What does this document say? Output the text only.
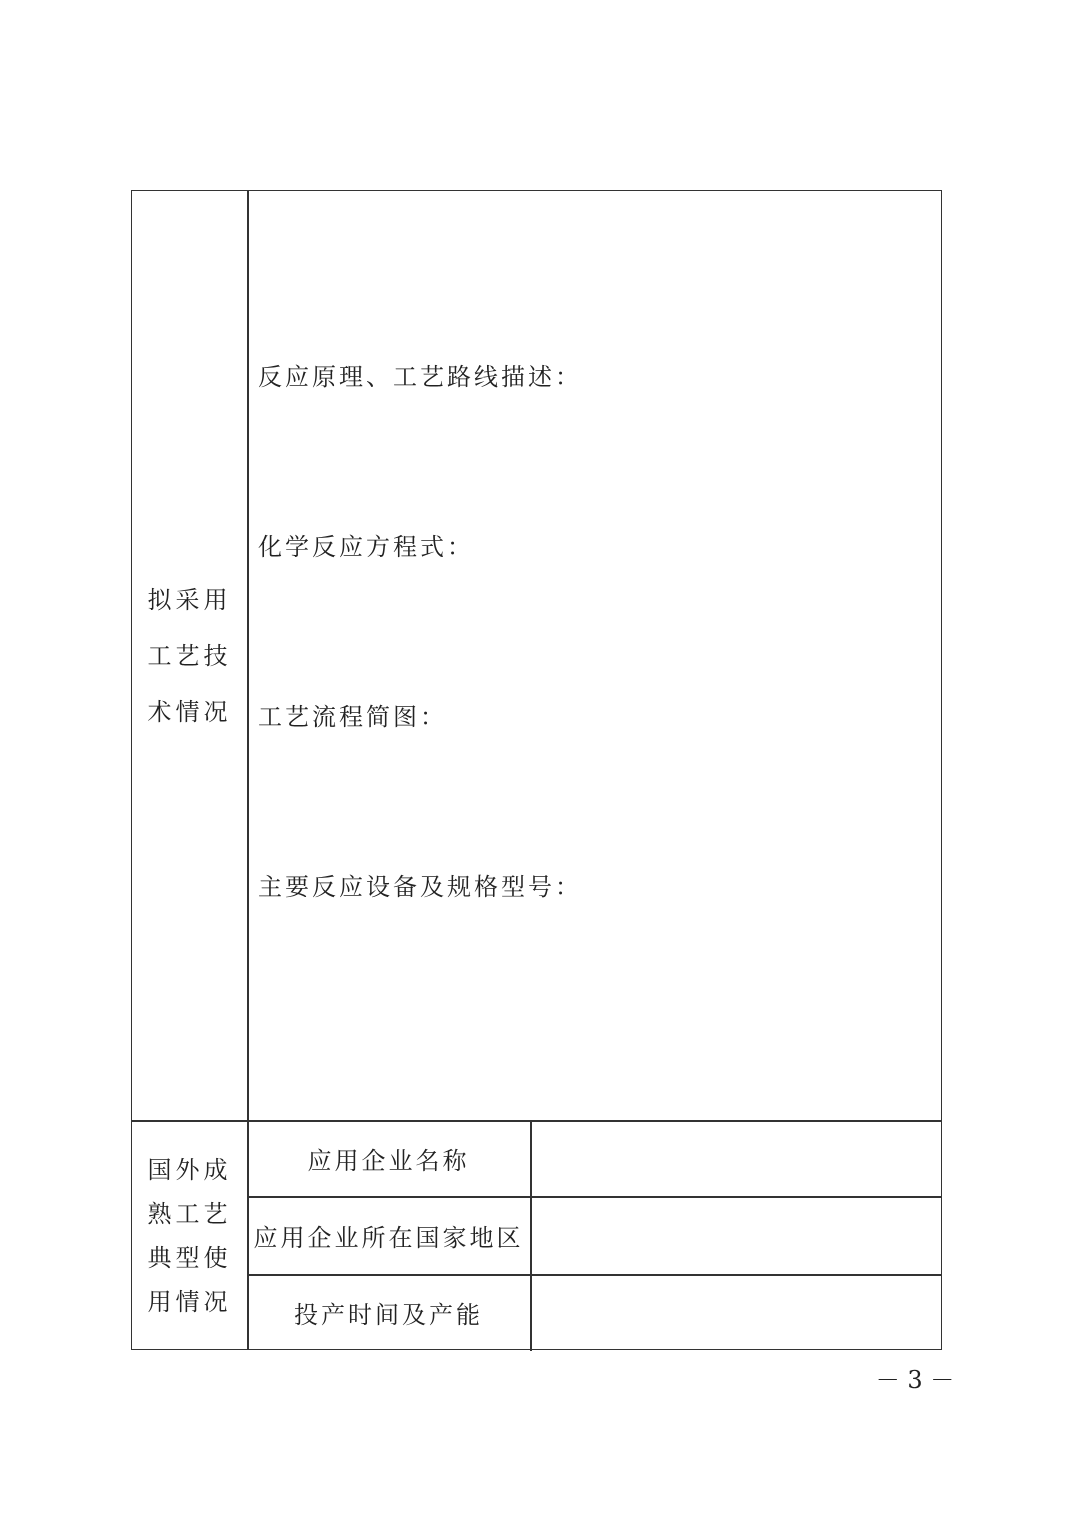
拟采用
工艺技
术情况
反应原理、工艺路线描述：
化学反应方程式：
工艺流程简图：
主要反应设备及规格型号：
国外成
熟工艺
典型使
用情况
应用企业名称
应用企业所在国家地区
投产时间及产能
－ 3 －
